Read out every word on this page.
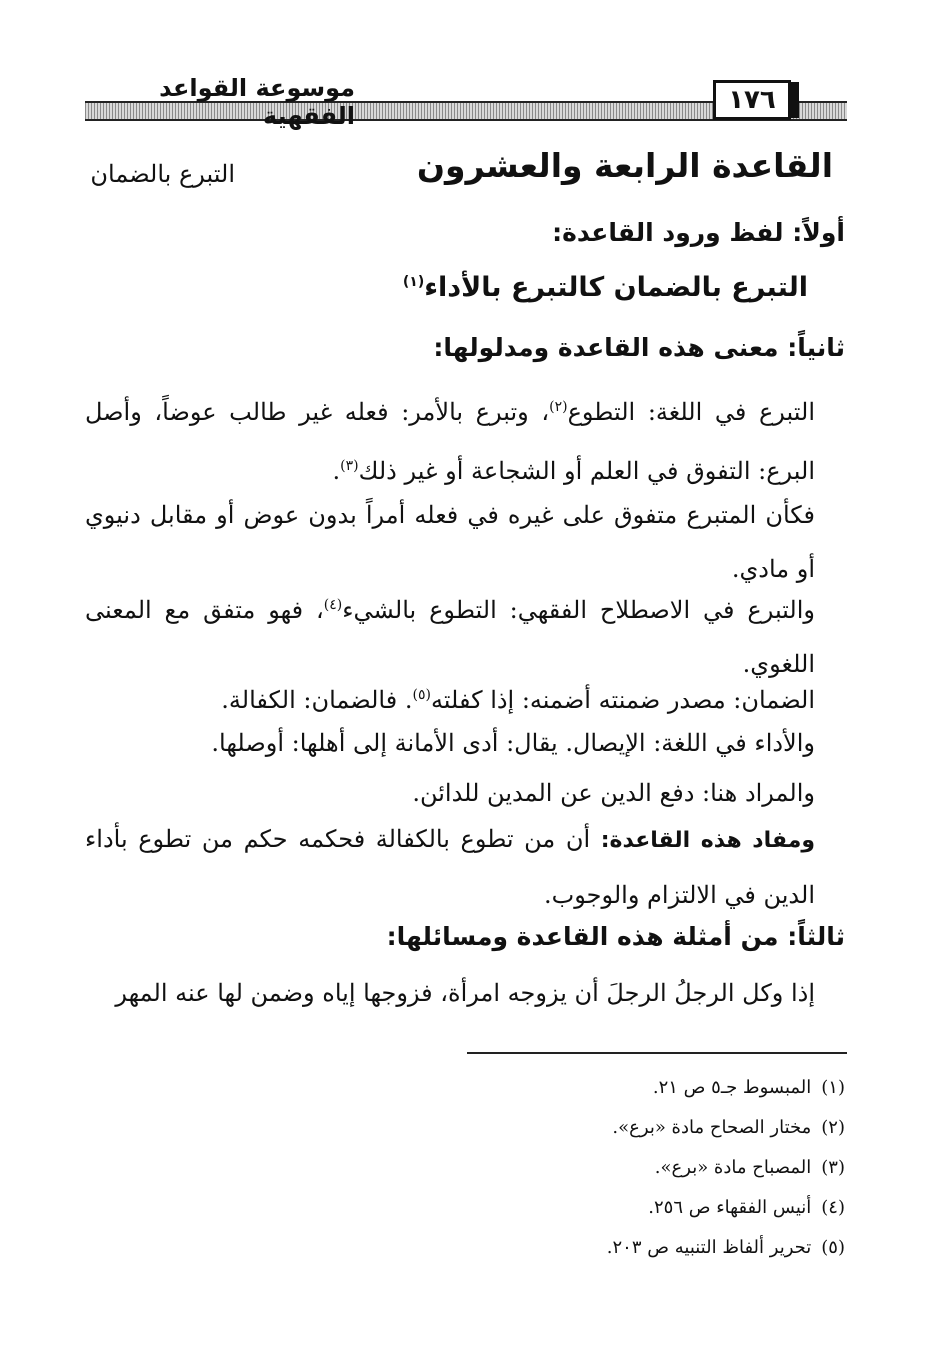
١٧٦
موسوعة القواعد الفقهية
القاعدة الرابعة والعشرون
التبرع بالضمان
أولاً: لفظ ورود القاعدة:
التبرع بالضمان كالتبرع بالأداء$^{(١)}$
ثانياً: معنى هذه القاعدة ومدلولها:
التبرع في اللغة: التطوع$^{(٢)}$، وتبرع بالأمر: فعله غير طالب عوضاً، وأصل البرع: التفوق في العلم أو الشجاعة أو غير ذلك$^{(٣)}$.
فكأن المتبرع متفوق على غيره في فعله أمراً بدون عوض أو مقابل دنيوي أو مادي.
والتبرع في الاصطلاح الفقهي: التطوع بالشيء$^{(٤)}$، فهو متفق مع المعنى اللغوي.
الضمان: مصدر ضمنته أضمنه: إذا كفلته$^{(٥)}$. فالضمان: الكفالة.
والأداء في اللغة: الإيصال. يقال: أدى الأمانة إلى أهلها: أوصلها.
والمراد هنا: دفع الدين عن المدين للدائن.
ومفاد هذه القاعدة: أن من تطوع بالكفالة فحكمه حكم من تطوع بأداء الدين في الالتزام والوجوب.
ثالثاً: من أمثلة هذه القاعدة ومسائلها:
إذا وكل الرجلُ الرجلَ أن يزوجه امرأة، فزوجها إياه وضمن لها عنه المهر
(١)المبسوط جـ٥ ص ٢١.
(٢)مختار الصحاح مادة «برع».
(٣)المصباح مادة «برع».
(٤)أنيس الفقهاء ص ٢٥٦.
(٥)تحرير ألفاظ التنبيه ص ٢٠٣.
